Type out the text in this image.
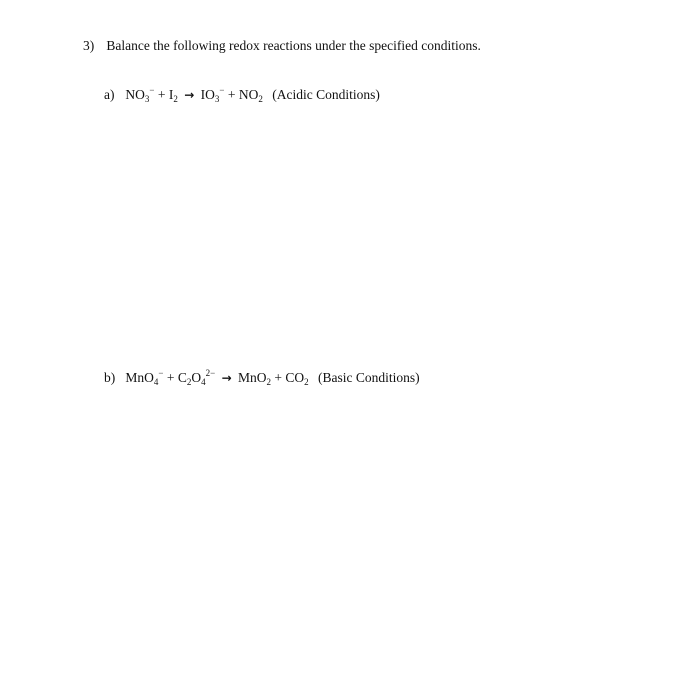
3) Balance the following redox reactions under the specified conditions.
a) $NO_3^- + I_2 \to IO_3^- + NO_2$ (Acidic Conditions)
b) $MnO_4^- + C_2O_4^{2-} \to MnO_2 + CO_2$ (Basic Conditions)
